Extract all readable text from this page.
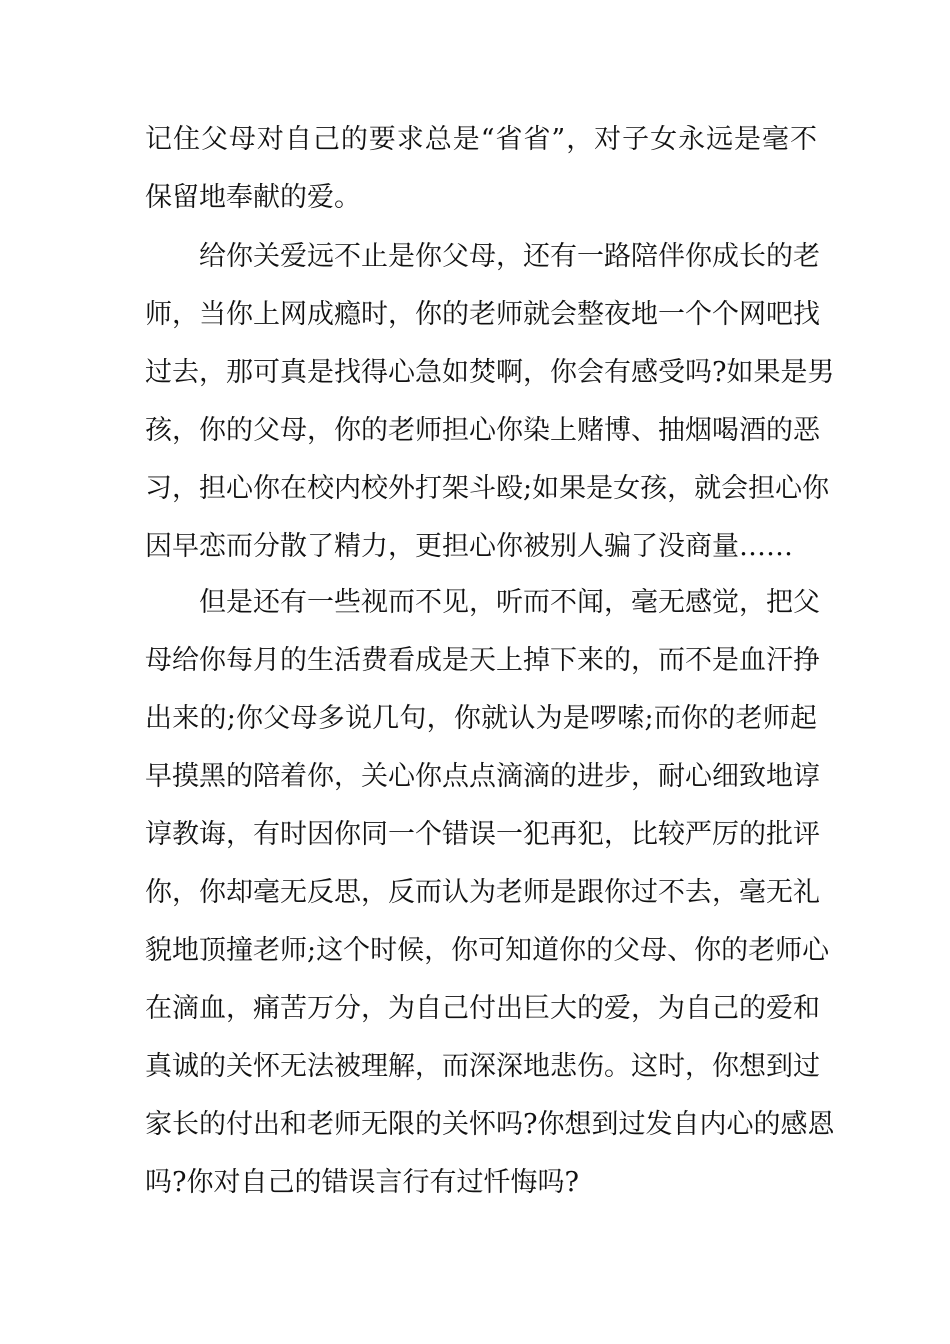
记住父母对自己的要求总是“省省”，对子女永远是毫不
保留地奉献的爱。
给你关爱远不止是你父母，还有一路陪伴你成长的老
师，当你上网成瘾时，你的老师就会整夜地一个个网吧找
过去，那可真是找得心急如焚啊，你会有感受吗?如果是男
孩，你的父母，你的老师担心你染上赌博、抽烟喝酒的恶
习，担心你在校内校外打架斗殴;如果是女孩，就会担心你
因早恋而分散了精力，更担心你被别人骗了没商量……
但是还有一些视而不见，听而不闻，毫无感觉，把父
母给你每月的生活费看成是天上掉下来的，而不是血汗挣
出来的;你父母多说几句，你就认为是啰嗦;而你的老师起
早摸黑的陪着你，关心你点点滴滴的进步，耐心细致地谆
谆教诲，有时因你同一个错误一犯再犯，比较严厉的批评
你，你却毫无反思，反而认为老师是跟你过不去，毫无礼
貌地顶撞老师;这个时候，你可知道你的父母、你的老师心
在滴血，痛苦万分，为自己付出巨大的爱，为自己的爱和
真诚的关怀无法被理解，而深深地悲伤。这时，你想到过
家长的付出和老师无限的关怀吗?你想到过发自内心的感恩
吗?你对自己的错误言行有过忏悔吗?
